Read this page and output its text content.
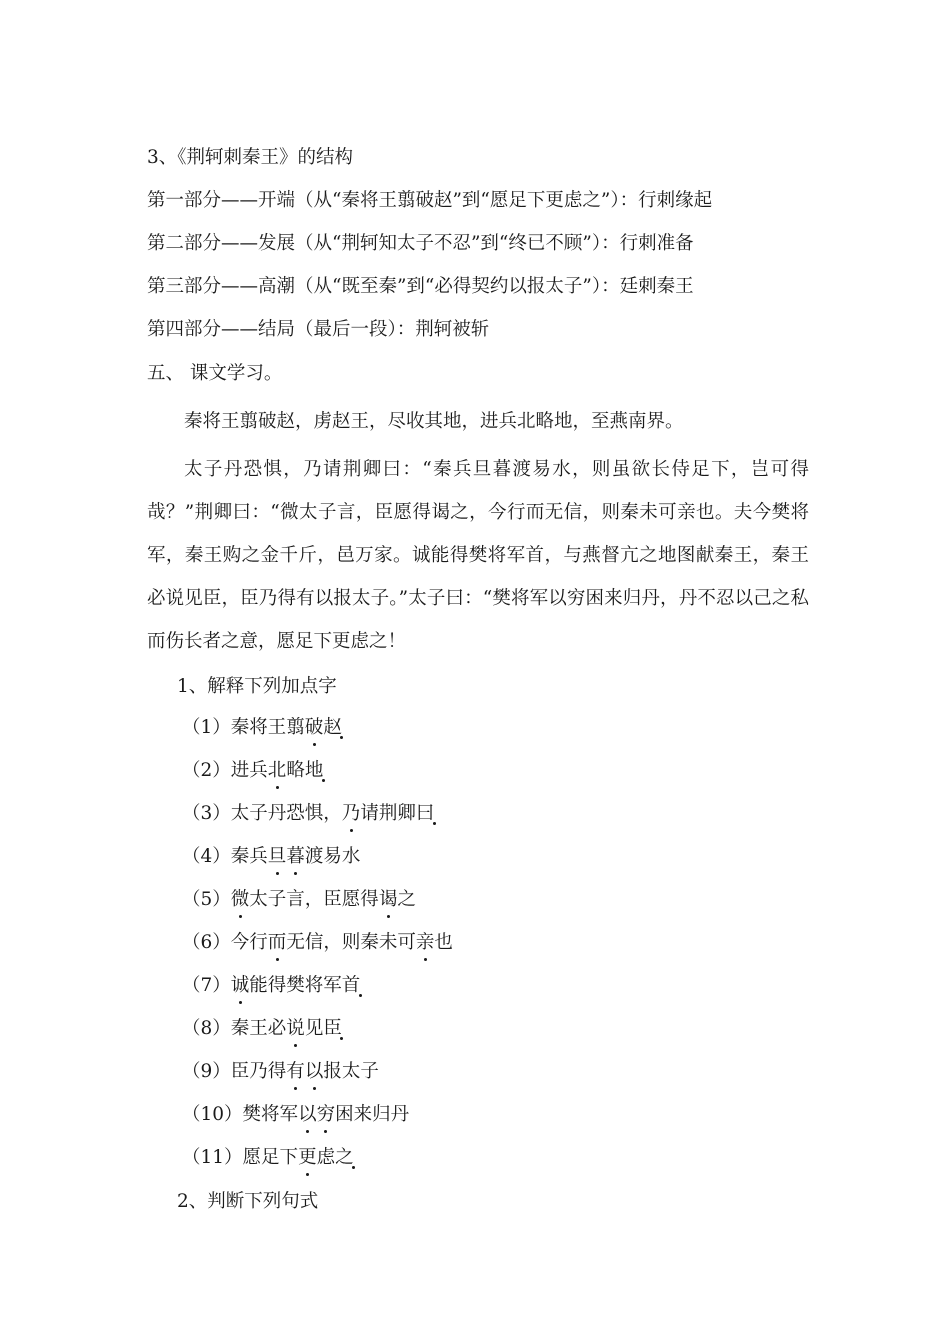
3、《荆轲刺秦王》的结构
第一部分——开端（从“秦将王翦破赵”到“愿足下更虑之”）：行刺缘起
第二部分——发展（从“荆轲知太子不忍”到“终已不顾”）：行刺准备
第三部分——高潮（从“既至秦”到“必得契约以报太子”）：廷刺秦王
第四部分——结局（最后一段）：荆轲被斩
五、 课文学习。
秦将王翦破赵，虏赵王，尽收其地，进兵北略地，至燕南界。

太子丹恐惧，乃请荆卿曰：“秦兵旦暮渡易水，则虽欲长侍足下，岂可得哉？”荆卿曰：“微太子言，臣愿得谒之，今行而无信，则秦未可亲也。夫今樊将军，秦王购之金千斤，邑万家。诚能得樊将军首，与燕督亢之地图献秦王，秦王必说见臣，臣乃得有以报太子。”太子曰：“樊将军以穷困来归丹，丹不忍以己之私而伤长者之意，愿足下更虑之！

1、解释下列加点字
（1）秦将王翦破赵
（2）进兵北略地
（3）太子丹恐惧，乃请荆卿曰
（4）秦兵旦暮渡易水
（5）微太子言，臣愿得谒之
（6）今行而无信，则秦未可亲也
（7）诚能得樊将军首
（8）秦王必说见臣
（9）臣乃得有以报太子
（10）樊将军以穷困来归丹
（11）愿足下更虑之
2、判断下列句式
